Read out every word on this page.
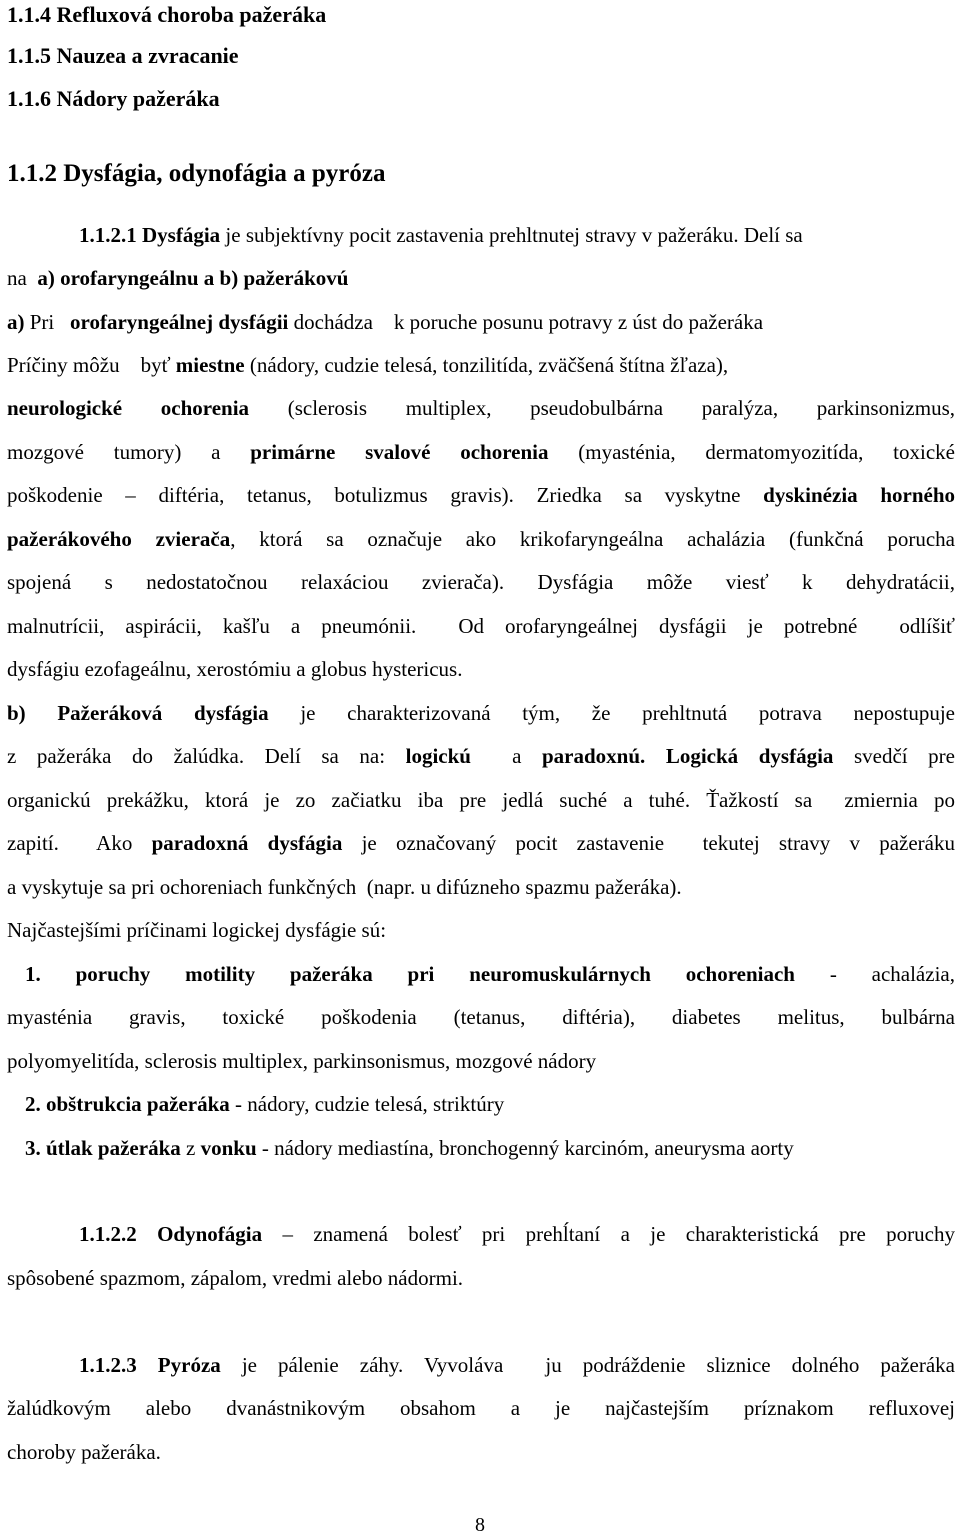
1.1.4 Refluxová choroba pažeráka
1.1.5 Nauzea a zvracanie
1.1.6 Nádory pažeráka
1.1.2 Dysfágia, odynofágia a pyróza
1.1.2.1 Dysfágia je subjektívny pocit zastavenia prehltnutej stravy v pažeráku. Delí sa
na  a) orofaryngeálnu a b) pažerákovú
a) Pri   orofaryngeálnej dysfágii dochádza    k poruche posunu potravy z úst do pažeráka
Príčiny môžu    byť miestne (nádory, cudzie telesá, tonzilitída, zväčšená štítna žľaza),
neurologické ochorenia (sclerosis multiplex, pseudobulbárna paralýza, parkinsonizmus,
mozgové tumory) a primárne svalové ochorenia (myasténia, dermatomyozitída, toxické
poškodenie – diftéria, tetanus, botulizmus gravis). Zriedka sa vyskytne dyskinézia horného
pažerákového zvierača, ktorá sa označuje ako krikofaryngeálna achalázia (funkčná porucha
spojená s nedostatočnou relaxáciou zvierača). Dysfágia môže viesť k dehydratácii,
malnutrícii, aspirácii, kašľu a pneumónii.  Od orofaryngeálnej dysfágii je potrebné  odlíšiť
dysfágiu ezofageálnu, xerostómiu a globus hystericus.
b) Pažeráková dysfágia je charakterizovaná tým, že prehltnutá potrava nepostupuje
z pažeráka do žalúdka. Delí sa na: logickú  a paradoxnú. Logická dysfágia svedčí pre
organickú prekážku, ktorá je zo začiatku iba pre jedlá suché a tuhé. Ťažkostí sa  zmiernia po
zapití.  Ako paradoxná dysfágia je označovaný pocit zastavenie  tekutej stravy v pažeráku
a vyskytuje sa pri ochoreniach funkčných  (napr. u difúzneho spazmu pažeráka).
Najčastejšími príčinami logickej dysfágie sú:
1. poruchy motility pažeráka pri neuromuskulárnych ochoreniach - achalázia,
myasténia gravis, toxické poškodenia (tetanus, diftéria), diabetes melitus, bulbárna
polyomyelitída, sclerosis multiplex, parkinsonismus, mozgové nádory
2. obštrukcia pažeráka - nádory, cudzie telesá, striktúry
3. útlak pažeráka z vonku - nádory mediastína, bronchogenný karcinóm, aneurysma aorty
1.1.2.2 Odynofágia – znamená bolesť pri prehĺtaní a je charakteristická pre poruchy
spôsobené spazmom, zápalom, vredmi alebo nádormi.
1.1.2.3 Pyróza je pálenie záhy. Vyvoláva  ju podráždenie sliznice dolného pažeráka
žalúdkovým alebo dvanástnikovým obsahom a je najčastejším príznakom refluxovej
choroby pažeráka.
8
